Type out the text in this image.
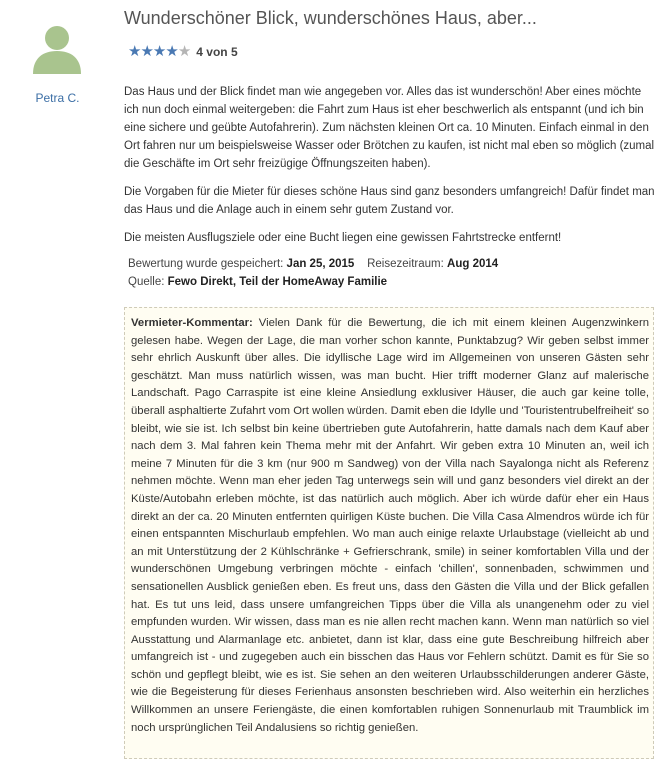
Petra C.
Wunderschöner Blick, wunderschönes Haus, aber...
★ ★ ★ ★ ★ 4 von 5

Das Haus und der Blick findet man wie angegeben vor. Alles das ist wunderschön! Aber eines möchte ich nun doch einmal weitergeben: die Fahrt zum Haus ist eher beschwerlich als entspannt (und ich bin eine sichere und geübte Autofahrerin). Zum nächsten kleinen Ort ca. 10 Minuten. Einfach einmal in den Ort fahren nur um beispielsweise Wasser oder Brötchen zu kaufen, ist nicht mal eben so möglich (zumal die Geschäfte im Ort sehr freizügige Öffnungszeiten haben).

Die Vorgaben für die Mieter für dieses schöne Haus sind ganz besonders umfangreich! Dafür findet man das Haus und die Anlage auch in einem sehr gutem Zustand vor.

Die meisten Ausflugsziele oder eine Bucht liegen eine gewissen Fahrtstrecke entfernt!

Bewertung wurde gespeichert: Jan 25, 2015 Reisezeitraum: Aug 2014
Quelle: Fewo Direkt, Teil der HomeAway Familie

Vermieter-Kommentar: Vielen Dank für die Bewertung, die ich mit einem kleinen Augenzwinkern gelesen habe. Wegen der Lage, die man vorher schon kannte, Punktabzug? Wir geben selbst immer sehr ehrlich Auskunft über alles. Die idyllische Lage wird im Allgemeinen von unseren Gästen sehr geschätzt. Man muss natürlich wissen, was man bucht. Hier trifft moderner Glanz auf malerische Landschaft. Pago Carraspite ist eine kleine Ansiedlung exklusiver Häuser, die auch gar keine tolle, überall asphaltierte Zufahrt vom Ort wollen würden. Damit eben die Idylle und 'Touristentrubelfreiheit' so bleibt, wie sie ist. Ich selbst bin keine übertrieben gute Autofahrerin, hatte damals nach dem Kauf aber nach dem 3. Mal fahren kein Thema mehr mit der Anfahrt. Wir geben extra 10 Minuten an, weil ich meine 7 Minuten für die 3 km (nur 900 m Sandweg) von der Villa nach Sayalonga nicht als Referenz nehmen möchte. Wenn man eher jeden Tag unterwegs sein will und ganz besonders viel direkt an der Küste/Autobahn erleben möchte, ist das natürlich auch möglich. Aber ich würde dafür eher ein Haus direkt an der ca. 20 Minuten entfernten quirligen Küste buchen. Die Villa Casa Almendros würde ich für einen entspannten Mischurlaub empfehlen. Wo man auch einige relaxte Urlaubstage (vielleicht ab und an mit Unterstützung der 2 Kühlschränke + Gefrierschrank, smile) in seiner komfortablen Villa und der wunderschönen Umgebung verbringen möchte - einfach 'chillen', sonnenbaden, schwimmen und sensationellen Ausblick genießen eben. Es freut uns, dass den Gästen die Villa und der Blick gefallen hat. Es tut uns leid, dass unsere umfangreichen Tipps über die Villa als unangenehm oder zu viel empfunden wurden. Wir wissen, dass man es nie allen recht machen kann. Wenn man natürlich so viel Ausstattung und Alarmanlage etc. anbietet, dann ist klar, dass eine gute Beschreibung hilfreich aber umfangreich ist - und zugegeben auch ein bisschen das Haus vor Fehlern schützt. Damit es für Sie so schön und gepflegt bleibt, wie es ist. Sie sehen an den weiteren Urlaubsschilderungen anderer Gäste, wie die Begeisterung für dieses Ferienhaus ansonsten beschrieben wird. Also weiterhin ein herzliches Willkommen an unsere Feriengäste, die einen komfortablen ruhigen Sonnenurlaub mit Traumblick im noch ursprünglichen Teil Andalusiens so richtig genießen.
